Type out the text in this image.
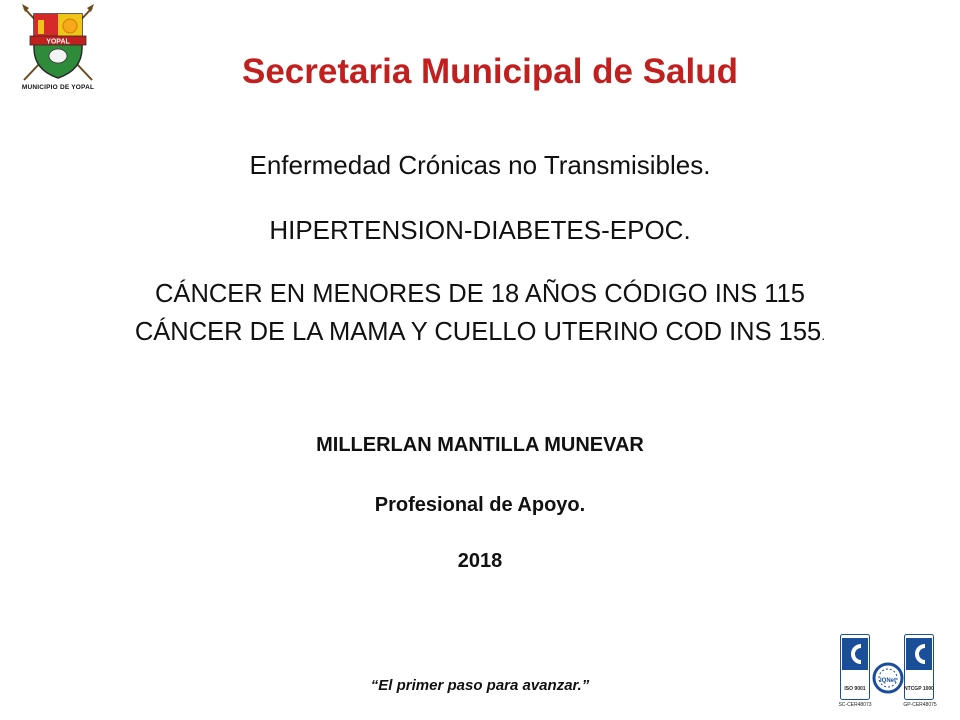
YOPAL
MUNICIPIO DE YOPAL	Secretaria Municipal de Salud

Enfermedad Crónicas no Transmisibles.

HIPERTENSION-DIABETES-EPOC.

CÁNCER EN MENORES DE 18 AÑOS CÓDIGO INS 115

CÁNCER DE LA MAMA Y CUELLO UTERINO COD INS 155.

MILLERLAN MANTILLA MUNEVAR

Profesional de Apoyo.

2018

“El primer paso para avanzar.”	ISO 9001
IQNet
NTCGP 1000
SC-CER48073	GP-CER48075
